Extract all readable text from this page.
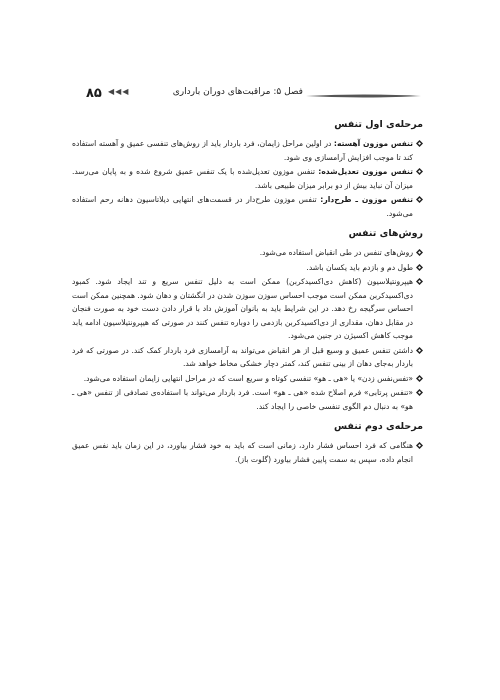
۸۵ ◀◀◀	فصل ۵: مراقبت‌های دوران بارداری
مرحله‌ی اول تنفس
تنفس موزون آهسته: در اولین مراحل زایمان، فرد باردار باید از روش‌های تنفسی عمیق و آهسته استفاده کند تا موجب افزایش آرامسازی وی شود.
تنفس موزون تعدیل‌شده: تنفس موزون تعدیل‌شده با یک تنفس عمیق شروع شده و به پایان می‌رسد. میزان آن نباید بیش از دو برابر میزان طبیعی باشد.
تنفس موزون ـ طرح‌دار: تنفس موزون طرح‌دار در قسمت‌های انتهایی دیلاتاسیون دهانه رحم استفاده می‌شود.
روش‌های تنفس
روش‌های تنفس در طی انقباض استفاده می‌شود.
طول دم و بازدم باید یکسان باشد.
هیپرونتیلاسیون (کاهش دی‌اکسیدکربن) ممکن است به دلیل تنفس سریع و تند ایجاد شود. کمبود دی‌اکسیدکربن ممکن است موجب احساس سوزن سوزن شدن در انگشتان و دهان شود. همچنین ممکن است احساس سرگیجه رخ دهد. در این شرایط باید به بانوان آموزش داد با قرار دادن دست خود به صورت فنجان در مقابل دهان، مقداری از دی‌اکسیدکربن بازدمی را دوباره تنفس کنند در صورتی که هیپرونتیلاسیون ادامه یابد موجب کاهش اکسیژن در جنین می‌شود.
داشتن تنفس عمیق و وسیع قبل از هر انقباض می‌تواند به آرامسازی فرد باردار کمک کند. در صورتی که فرد باردار به‌جای دهان از بینی تنفس کند، کمتر دچار خشکی مخاط خواهد شد.
«تفس‌نفس زدن» یا «هی ـ هو» تنفسی کوتاه و سریع است که در مراحل انتهایی زایمان استفاده می‌شود.
«تنفس پرتابی» فرم اصلاح شده «هی ـ هو» است. فرد باردار می‌تواند با استفاده‌ی تصادفی از تنفس «هی ـ هو» به دنبال دم الگوی تنفسی خاصی را ایجاد کند.
مرحله‌ی دوم تنفس
هنگامی که فرد احساس فشار دارد، زمانی است که باید به خود فشار بیاورد، در این زمان باید نفس عمیق انجام داده، سپس به سمت پایین فشار بیاورد (گلوت باز).
